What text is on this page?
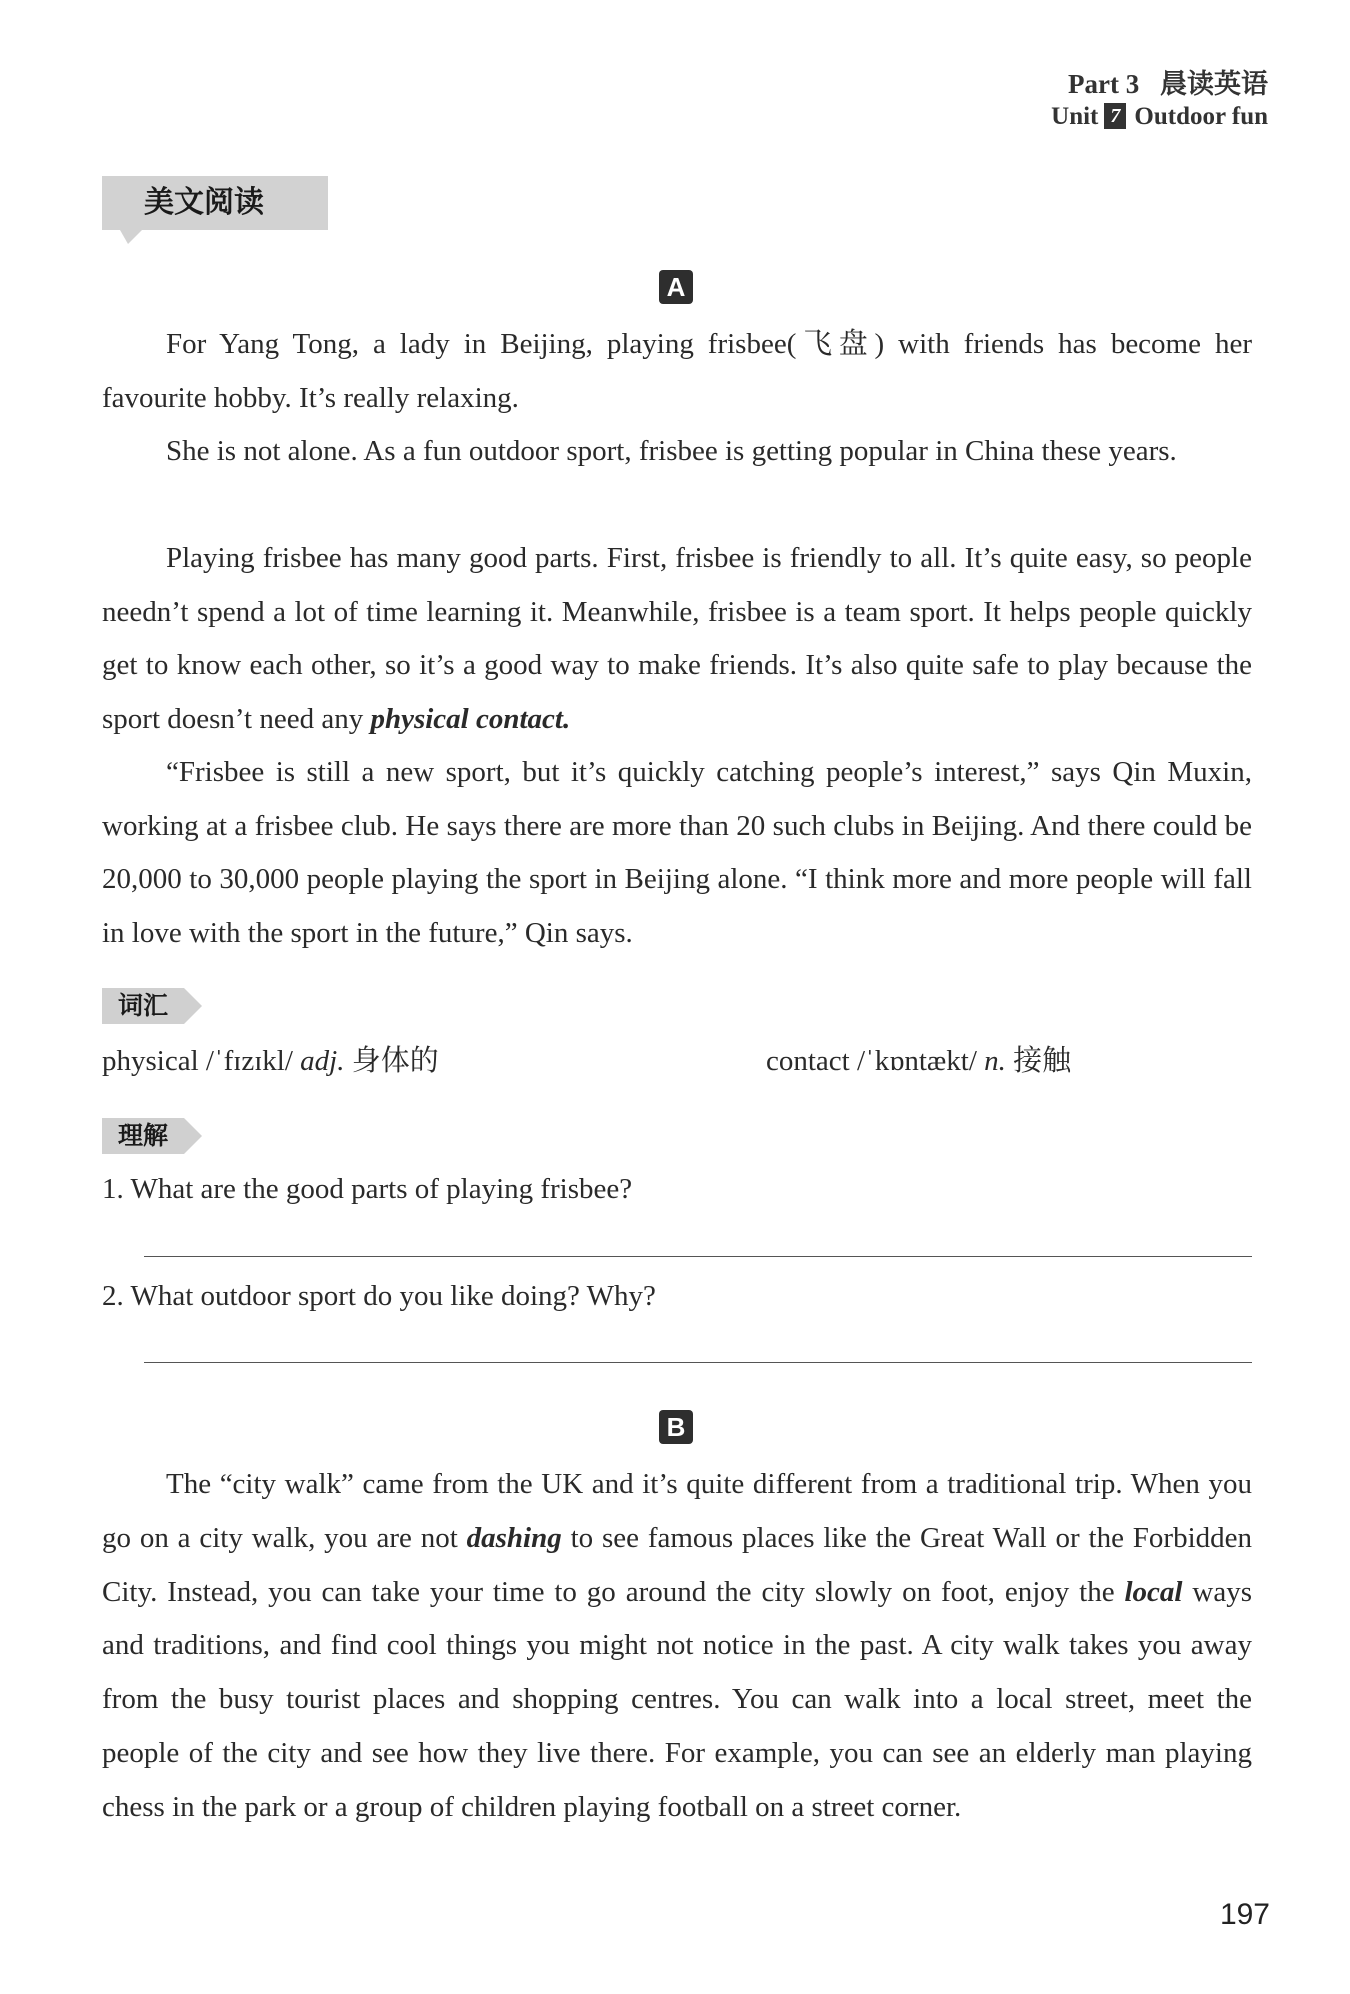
Part 3 晨读英语
Unit 7 Outdoor fun
美文阅读
A

For Yang Tong, a lady in Beijing, playing frisbee(飞盘) with friends has become her favourite hobby. It’s really relaxing.

She is not alone. As a fun outdoor sport, frisbee is getting popular in China these years.

Playing frisbee has many good parts. First, frisbee is friendly to all. It’s quite easy, so people needn’t spend a lot of time learning it. Meanwhile, frisbee is a team sport. It helps people quickly get to know each other, so it’s a good way to make friends. It’s also quite safe to play because the sport doesn’t need any physical contact.

“Frisbee is still a new sport, but it’s quickly catching people’s interest,” says Qin Muxin, working at a frisbee club. He says there are more than 20 such clubs in Beijing. And there could be 20,000 to 30,000 people playing the sport in Beijing alone. “I think more and more people will fall in love with the sport in the future,” Qin says.

词汇
physical /ˈfɪzɪkl/ adj. 身体的	contact /ˈkɒntækt/ n. 接触
理解
1. What are the good parts of playing frisbee?
2. What outdoor sport do you like doing? Why?
B

The “city walk” came from the UK and it’s quite different from a traditional trip. When you go on a city walk, you are not dashing to see famous places like the Great Wall or the Forbidden City. Instead, you can take your time to go around the city slowly on foot, enjoy the local ways and traditions, and find cool things you might not notice in the past. A city walk takes you away from the busy tourist places and shopping centres. You can walk into a local street, meet the people of the city and see how they live there. For example, you can see an elderly man playing chess in the park or a group of children playing football on a street corner.

197
